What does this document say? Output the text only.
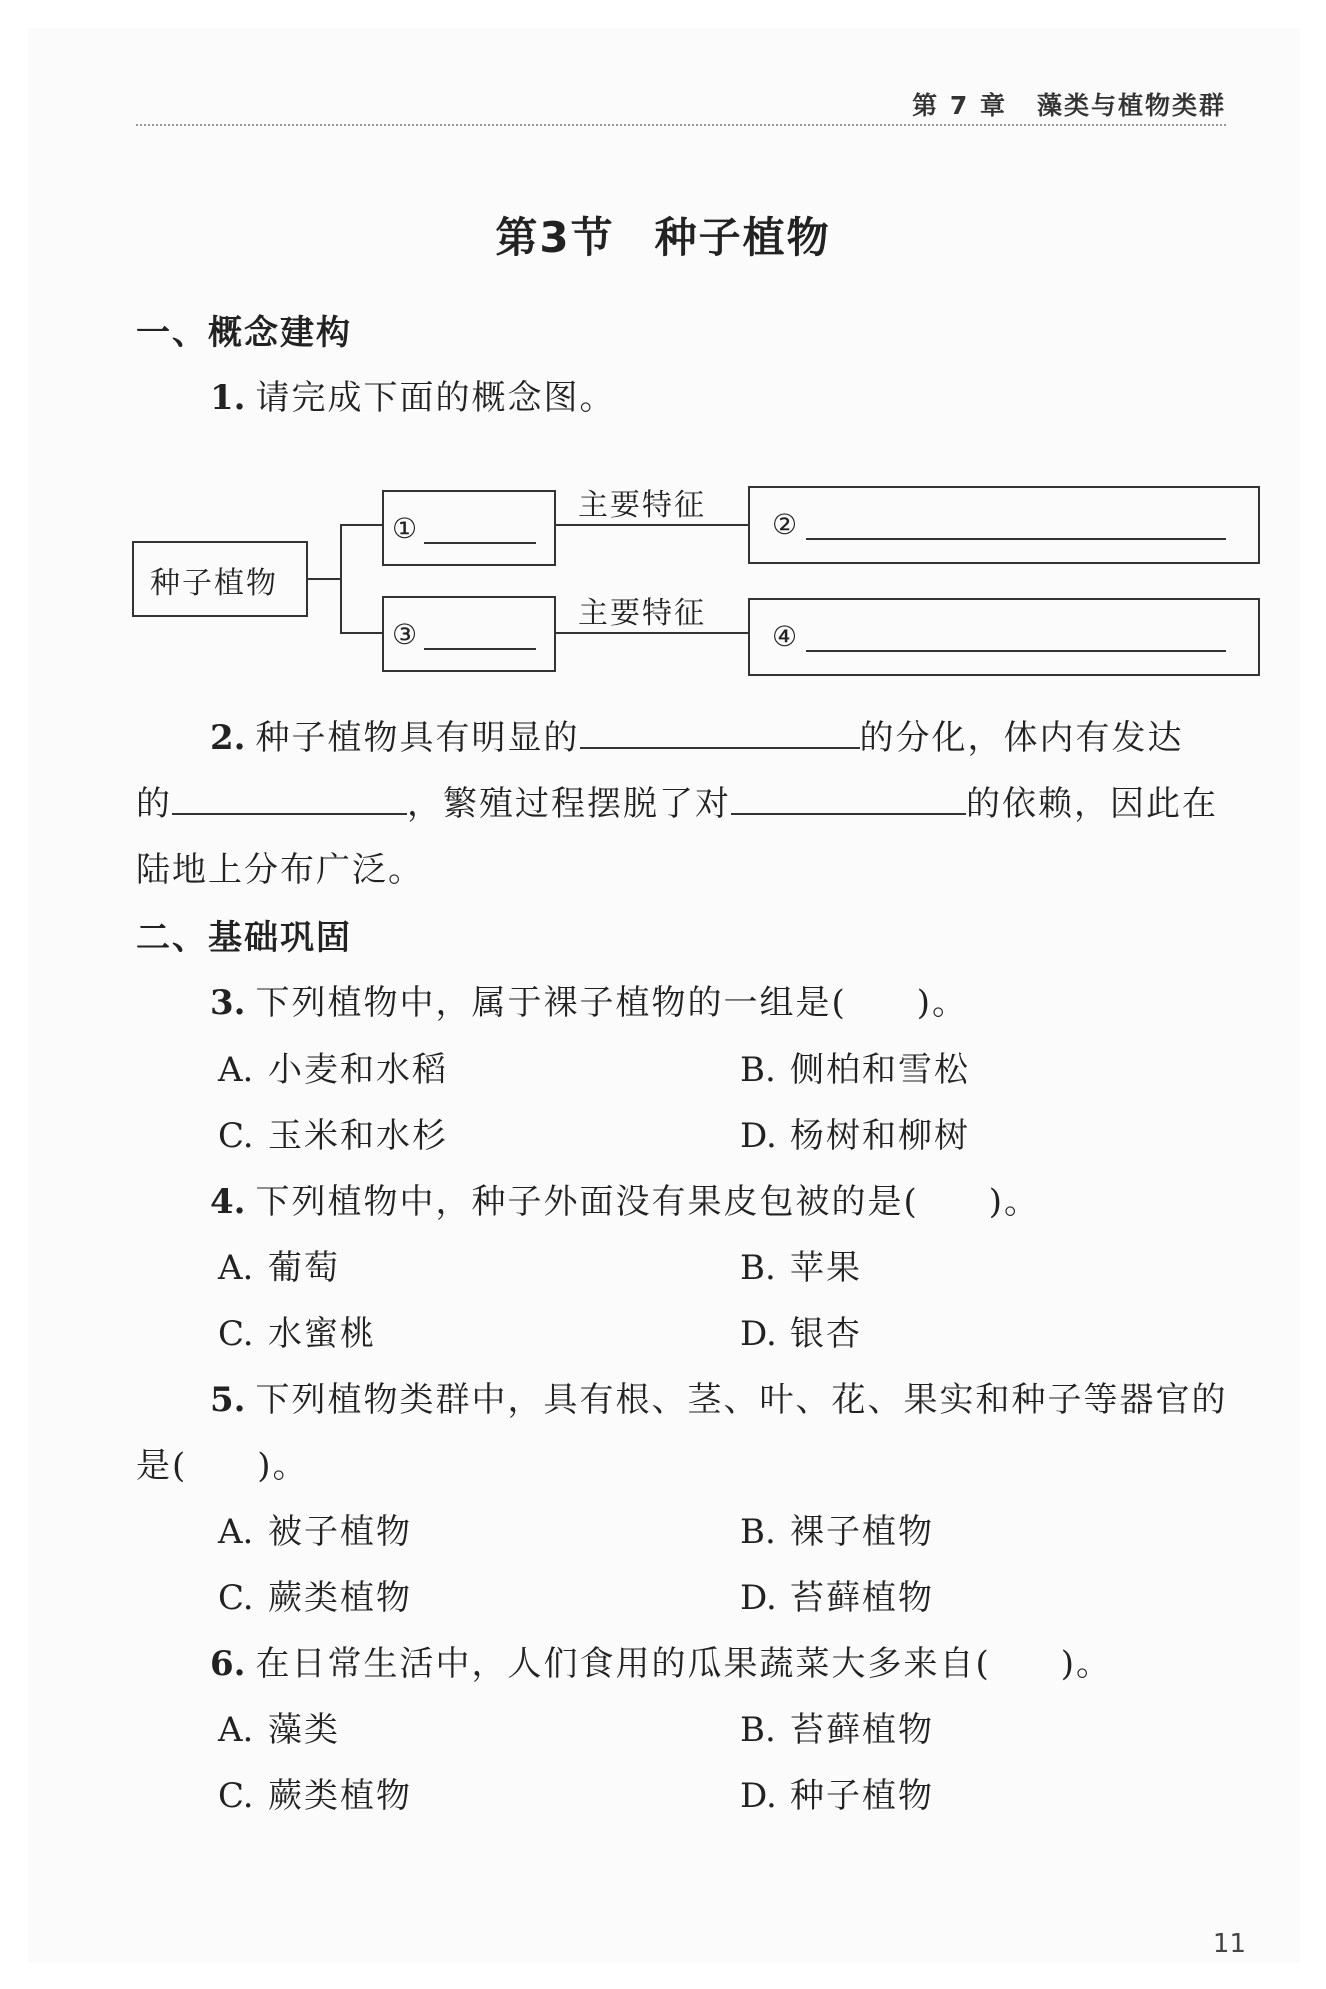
第 7 章 藻类与植物类群
第3节 种子植物
一、概念建构
1. 请完成下面的概念图。
种子植物
①
③
主要特征
主要特征
②
④
2. 种子植物具有明显的	的分化，体内有发达
的	，繁殖过程摆脱了对	的依赖，因此在
陆地上分布广泛。
二、基础巩固
3. 下列植物中，属于裸子植物的一组是( )。
A. 小麦和水稻	B. 侧柏和雪松
C. 玉米和水杉	D. 杨树和柳树
4. 下列植物中，种子外面没有果皮包被的是( )。
A. 葡萄	B. 苹果
C. 水蜜桃	D. 银杏
5. 下列植物类群中，具有根、茎、叶、花、果实和种子等器官的
是( )。
A. 被子植物	B. 裸子植物
C. 蕨类植物	D. 苔藓植物
6. 在日常生活中，人们食用的瓜果蔬菜大多来自( )。
A. 藻类	B. 苔藓植物
C. 蕨类植物	D. 种子植物
11
